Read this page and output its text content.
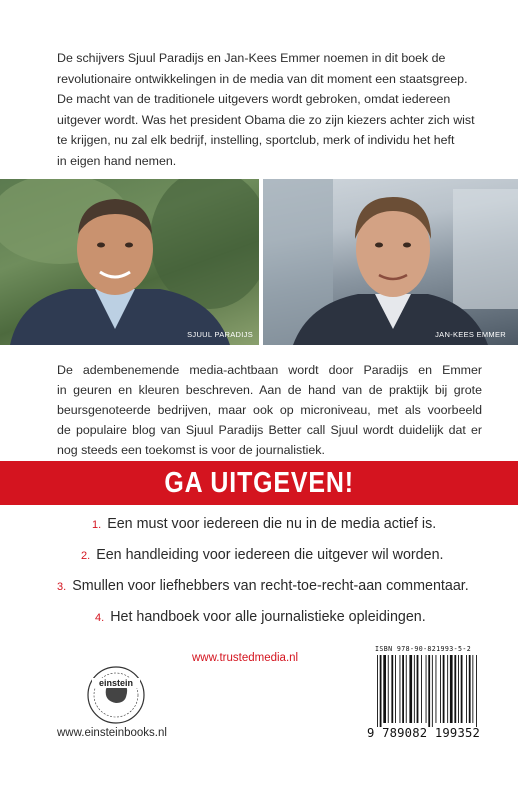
De schijvers Sjuul Paradijs en Jan-Kees Emmer noemen in dit boek de
revolutionaire ontwikkelingen in de media van dit moment een staatsgreep.
De macht van de traditionele uitgevers wordt gebroken, omdat iedereen
uitgever wordt. Was het president Obama die zo zijn kiezers achter zich wist
te krijgen, nu zal elk bedrijf, instelling, sportclub, merk of individu het heft
in eigen hand nemen.
SJUUL PARADIJS	JAN-KEES EMMER
De adembenemende media-achtbaan wordt door Paradijs en Emmer
in geuren en kleuren beschreven. Aan de hand van de praktijk bij grote
beursgenoteerde bedrijven, maar ook op microniveau, met als voorbeeld
de populaire blog van Sjuul Paradijs Better call Sjuul wordt duidelijk dat er
nog steeds een toekomst is voor de journalistiek.
GA UITGEVEN!
1. Een must voor iedereen die nu in de media actief is.
2. Een handleiding voor iedereen die uitgever wil worden.
3. Smullen voor liefhebbers van recht-toe-recht-aan commentaar.
4. Het handboek voor alle journalistieke opleidingen.
www.trustedmedia.nl
einstein
www.einsteinbooks.nl
ISBN 978-90-821993-5-2
9 789082 199352
